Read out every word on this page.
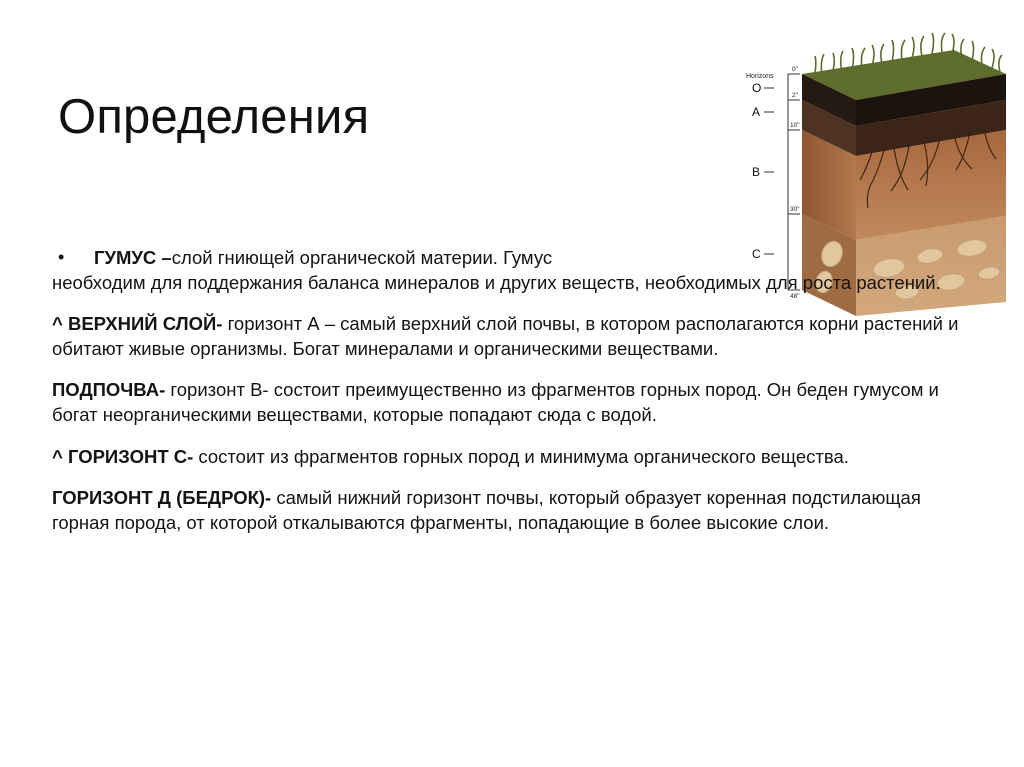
Определения
Horizons
0"
2"
10"
30"
48"
O
A
B
C
•	ГУМУС –слой гниющей органической материи. Гумус
необходим для поддержания баланса минералов и других веществ, необходимых для роста растений.
^ ВЕРХНИЙ СЛОЙ- горизонт А – самый верхний слой почвы, в котором располагаются корни растений и обитают живые организмы. Богат минералами и органическими веществами.
ПОДПОЧВА- горизонт В- состоит преимущественно из фрагментов горных пород. Он беден гумусом и богат неорганическими веществами, которые попадают сюда с водой.
^ ГОРИЗОНТ С- состоит из фрагментов горных пород и минимума органического вещества.
ГОРИЗОНТ Д (БЕДРОК)- самый нижний горизонт почвы, который образует коренная подстилающая горная порода, от которой откалываются фрагменты, попадающие в более высокие слои.
